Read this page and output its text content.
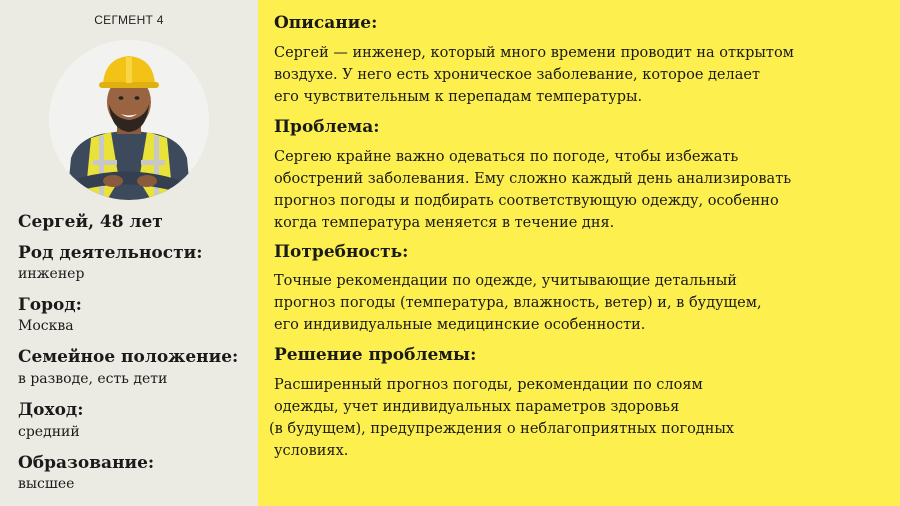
СЕГМЕНТ 4
Сергей, 48 лет
Род деятельности:
инженер
Город:
Москва
Семейное положение:
в разводе, есть дети
Доход:
средний
Образование:
высшее
Описание:
Сергей — инженер, который много времени проводит на открытом
воздухе. У него есть хроническое заболевание, которое делает
его чувствительным к перепадам температуры.
Проблема:
Сергею крайне важно одеваться по погоде, чтобы избежать
обострений заболевания. Ему сложно каждый день анализировать
прогноз погоды и подбирать соответствующую одежду, особенно
когда температура меняется в течение дня.
Потребность:
Точные рекомендации по одежде, учитывающие детальный
прогноз погоды (температура, влажность, ветер) и, в будущем,
его индивидуальные медицинские особенности.
Решение проблемы:
Расширенный прогноз погоды, рекомендации по слоям
одежды, учет индивидуальных параметров здоровья
(в будущем), предупреждения о неблагоприятных погодных
условиях.
